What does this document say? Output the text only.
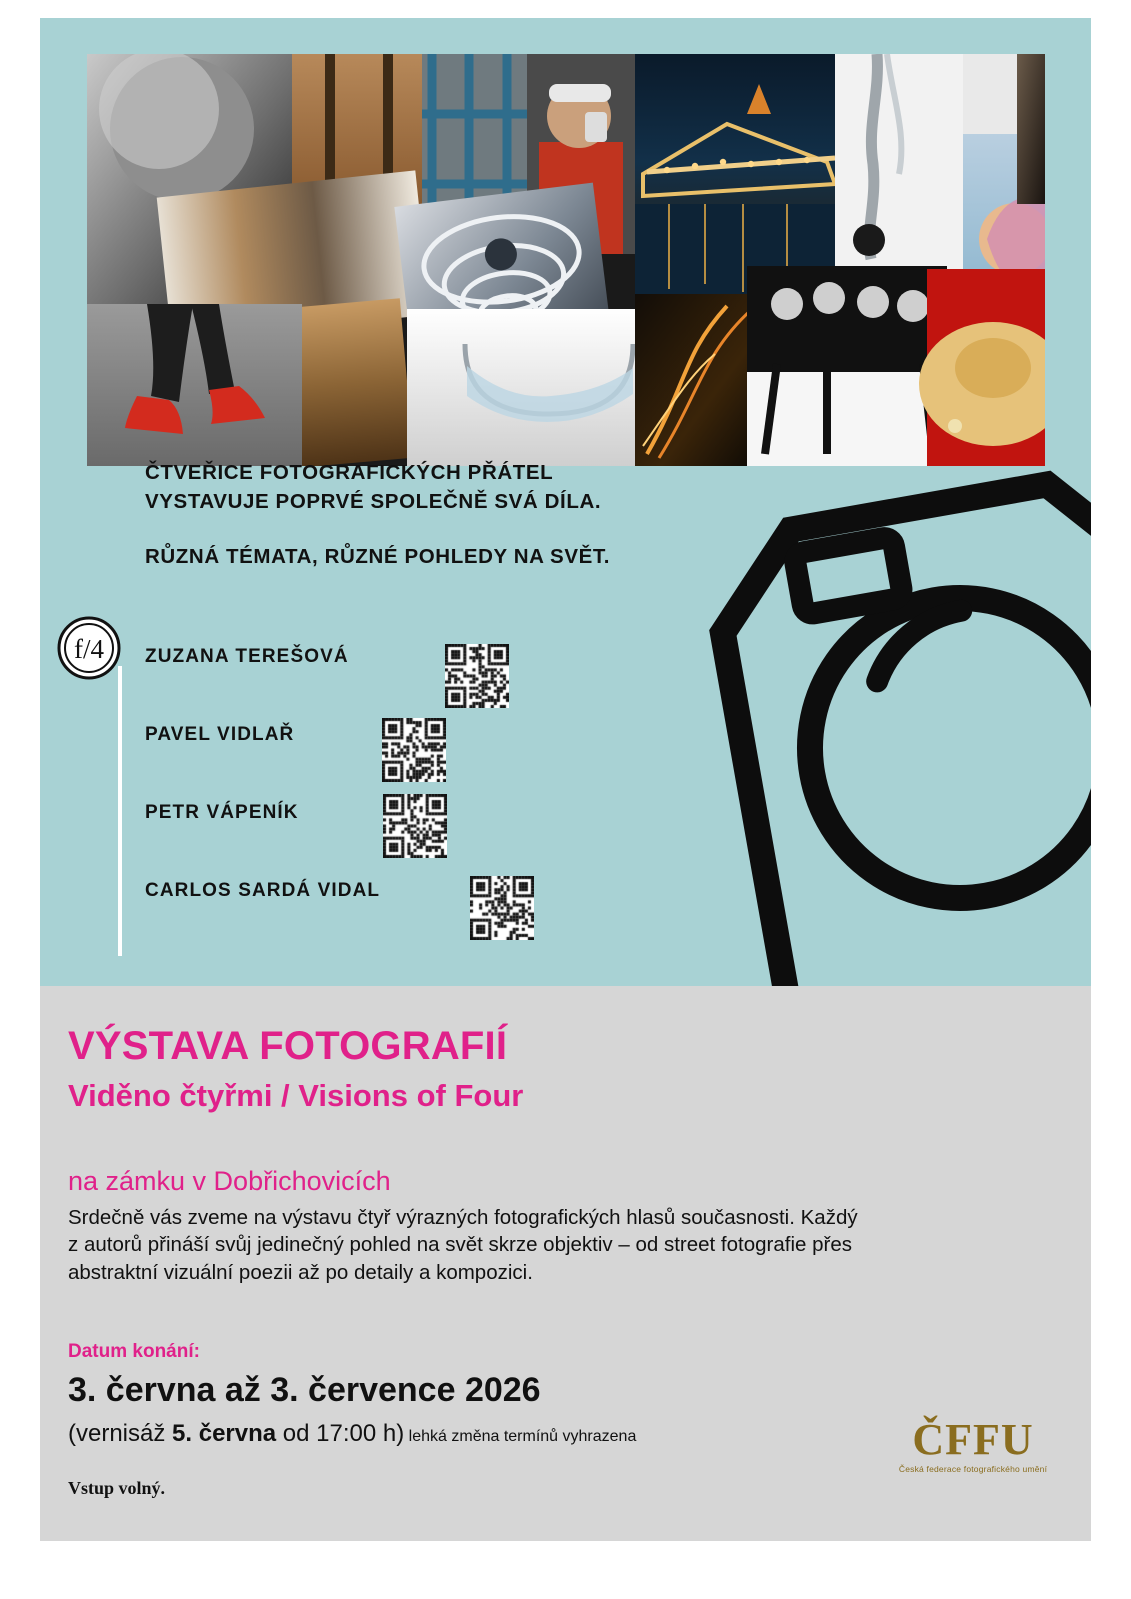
ČTVEŘICE FOTOGRAFICKÝCH PŘÁTEL
VYSTAVUJE POPRVÉ SPOLEČNĚ SVÁ DÍLA.
RŮZNÁ TÉMATA, RŮZNÉ POHLEDY NA SVĚT.
f/4 ZUZANA TEREŠOVÁ
PAVEL VIDLAŘ
PETR VÁPENÍK
CARLOS SARDÁ VIDAL
VÝSTAVA FOTOGRAFIÍ
Viděno čtyřmi / Visions of Four
na zámku v Dobřichovicích
Srdečně vás zveme na výstavu čtyř výrazných fotografických hlasů současnosti. Každý z autorů přináší svůj jedinečný pohled na svět skrze objektiv – od street fotografie přes abstraktní vizuální poezii až po detaily a kompozici.
Datum konání:
3. června až 3. července 2026
(vernisáž 5. června od 17:00 h) lehká změna termínů vyhrazena
Vstup volný.
ČFFU
Česká federace fotografického umění
